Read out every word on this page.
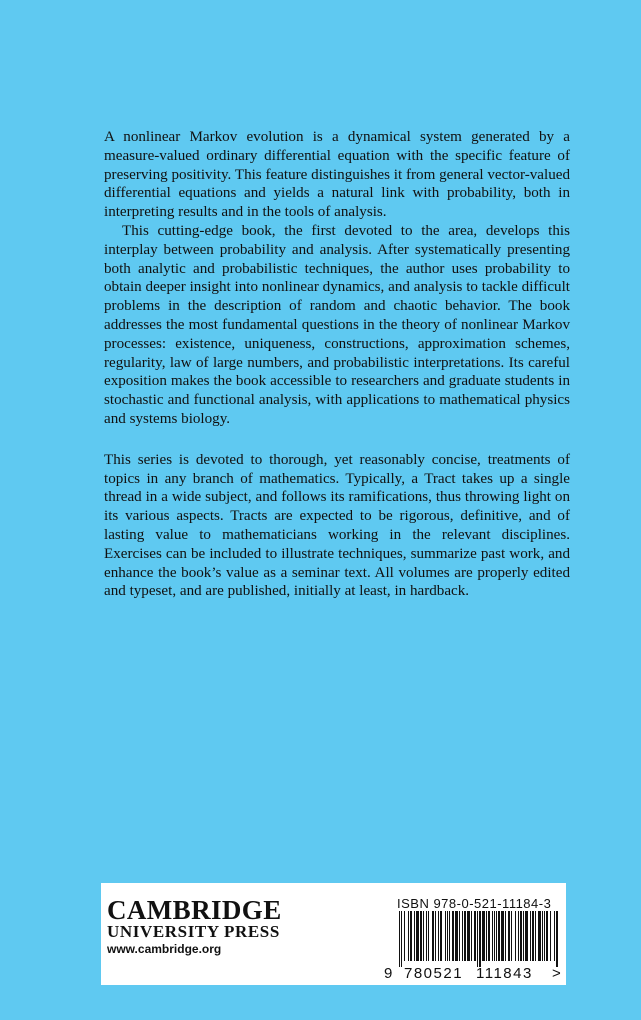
A nonlinear Markov evolution is a dynamical system generated by a measure-valued ordinary differential equation with the specific feature of preserving positivity. This feature distinguishes it from general vector-valued differential equations and yields a natural link with probability, both in interpreting results and in the tools of analysis.

This cutting-edge book, the first devoted to the area, develops this interplay between probability and analysis. After systematically presenting both analytic and probabilistic techniques, the author uses probability to obtain deeper insight into nonlinear dynamics, and analysis to tackle difficult problems in the description of random and chaotic behavior. The book addresses the most fundamental questions in the theory of nonlinear Markov processes: existence, uniqueness, constructions, approximation schemes, regularity, law of large numbers, and probabilistic interpretations. Its careful exposition makes the book accessible to researchers and graduate students in stochastic and functional analysis, with applications to mathematical physics and systems biology.

This series is devoted to thorough, yet reasonably concise, treatments of topics in any branch of mathematics. Typically, a Tract takes up a single thread in a wide subject, and follows its ramifications, thus throwing light on its various aspects. Tracts are expected to be rigorous, definitive, and of lasting value to mathematicians working in the relevant disciplines. Exercises can be included to illustrate techniques, summarize past work, and enhance the book’s value as a seminar text. All volumes are properly edited and typeset, and are published, initially at least, in hardback.

CAMBRIDGE
UNIVERSITY PRESS
www.cambridge.org
ISBN 978-0-521-11184-3
9 780521 111843 >
